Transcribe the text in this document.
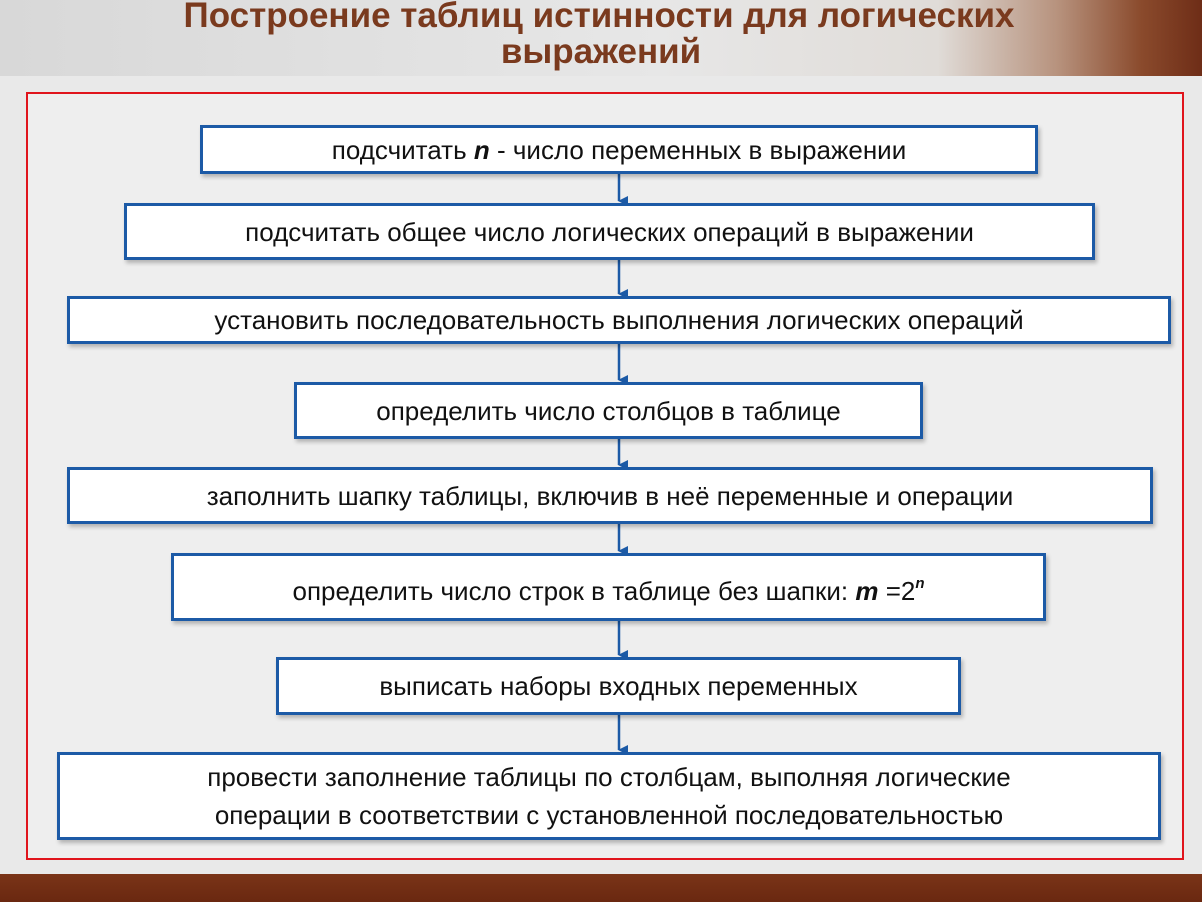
Построение таблиц истинности для логических
выражений
подсчитать n - число переменных в выражении
подсчитать общее число логических операций в выражении
установить последовательность выполнения логических операций
определить число столбцов в таблице
заполнить шапку таблицы, включив в неё переменные и операции
определить число строк в таблице без шапки: $m =2^n$
выписать наборы входных переменных
провести заполнение таблицы по столбцам, выполняя логические
операции в соответствии с установленной последовательностью
